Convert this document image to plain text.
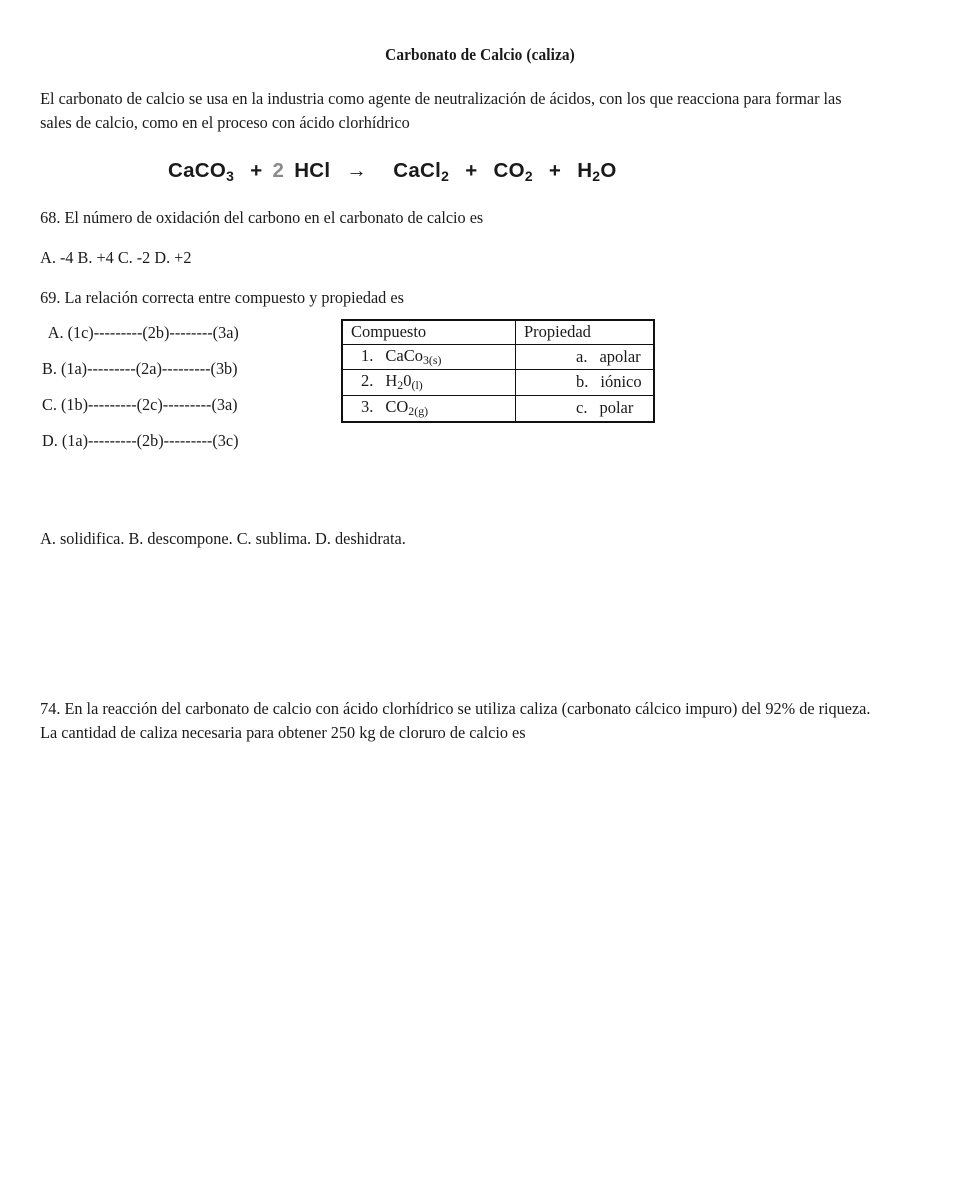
Carbonato de Calcio (caliza)

El carbonato de calcio se usa en la industria como agente de neutralización de ácidos, con los que reacciona para formar las sales de calcio, como en el proceso con ácido clorhídrico

CaCO$_3$ + 2 HCl → CaCl$_2$ + $CO_2 + H_2O$

68. El número de oxidación del carbono en el carbonato de calcio es

A. -4 B. +4 C. -2 D. +2

69. La relación correcta entre compuesto y propiedad es

A. (1c)---------(2b)--------(3a)
B. (1a)---------(2a)---------(3b)
C. (1b)---------(2c)---------(3a)
D. (1a)---------(2b)---------(3c)
Compuesto	Propiedad
1. CaCo$_{3(s)}$	a. apolar
2. $H_20_{(l)}$	b. iónico
3. $CO_{2(g)}$	c. polar

A. solidifica. B. descompone. C. sublima. D. deshidrata.

74. En la reacción del carbonato de calcio con ácido clorhídrico se utiliza caliza (carbonato cálcico impuro) del 92% de riqueza. La cantidad de caliza necesaria para obtener 250 kg de cloruro de calcio es
